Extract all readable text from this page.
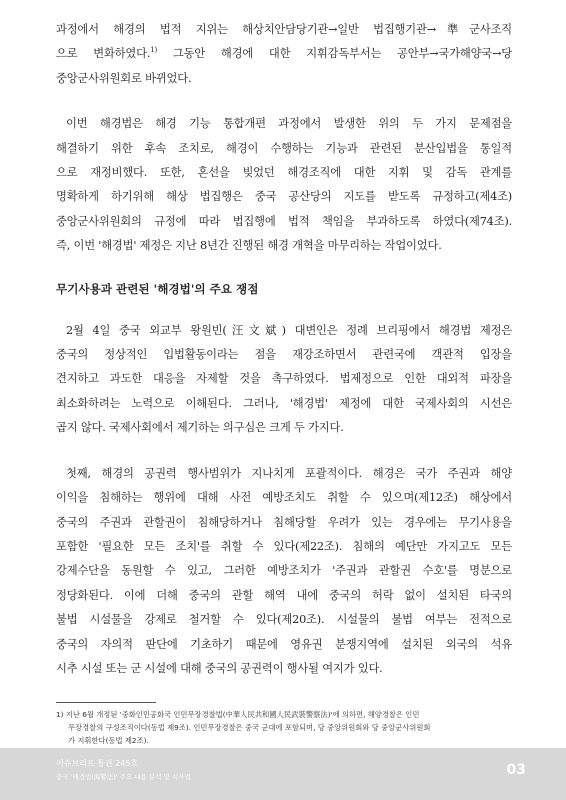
과정에서 해경의 법적 지위는 해상치안담당기관→일반 법집행기관→準군사조직

으로 변화하였다.$^{1)}$ 그동안 해경에 대한 지휘감독부서는 공안부→국가해양국→당

중앙군사위원회로 바뀌었다.

이번 해경법은 해경 기능 통합개편 과정에서 발생한 위의 두 가지 문제점을

해결하기 위한 후속 조치로, 해경이 수행하는 기능과 관련된 분산입법을 통일적

으로 재정비했다. 또한, 혼선을 빚었던 해경조직에 대한 지휘 및 감독 관계를

명확하게 하기위해 해상 법집행은 중국 공산당의 지도를 받도록 규정하고(제4조)

중앙군사위원회의 규정에 따라 법집행에 법적 책임을 부과하도록 하였다(제74조).

즉, 이번 '해경법' 제정은 지난 8년간 진행된 해경 개혁을 마무리하는 작업이었다.

무기사용과 관련된 '해경법'의 주요 쟁점

2월 4일 중국 외교부 왕원빈(汪文斌) 대변인은 정례 브리핑에서 해경법 제정은

중국의 정상적인 입법활동이라는 점을 재강조하면서 관련국에 객관적 입장을

견지하고 과도한 대응을 자제할 것을 촉구하였다. 법제정으로 인한 대외적 파장을

최소화하려는 노력으로 이해된다. 그러나, '해경법' 제정에 대한 국제사회의 시선은

곱지 않다. 국제사회에서 제기하는 의구심은 크게 두 가지다.

첫째, 해경의 공권력 행사범위가 지나치게 포괄적이다. 해경은 국가 주권과 해양

이익을 침해하는 행위에 대해 사전 예방조치도 취할 수 있으며(제12조) 해상에서

중국의 주권과 관할권이 침해당하거나 침해당할 우려가 있는 경우에는 무기사용을

포함한 '필요한 모든 조치'를 취할 수 있다(제22조). 침해의 예단만 가지고도 모든

강제수단을 동원할 수 있고, 그러한 예방조치가 '주권과 관할권 수호'를 명분으로

정당화된다. 이에 더해 중국의 관할 해역 내에 중국의 허락 없이 설치된 타국의

불법 시설물을 강제로 철거할 수 있다(제20조). 시설물의 불법 여부는 전적으로

중국의 자의적 판단에 기초하기 때문에 영유권 분쟁지역에 설치된 외국의 석유

시추 시설 또는 군 시설에 대해 중국의 공권력이 행사될 여지가 있다.

1) 지난 6월 개정된 '중화인민공화국 인민무장경찰법(中華人民共和國人民武裝警察法)'에 의하면, 해양경찰은 인민
무장경찰의 구성조직이다(동법 제9조). 인민무장경찰은 중국 군대에 포함되며, 당 중앙위원회와 당 중앙군사위원회
가 지휘한다(동법 제2조).
이슈브리프 통권 245호
중국 '해경법(海警法)' 주요 내용 분석 및 시사점	03
